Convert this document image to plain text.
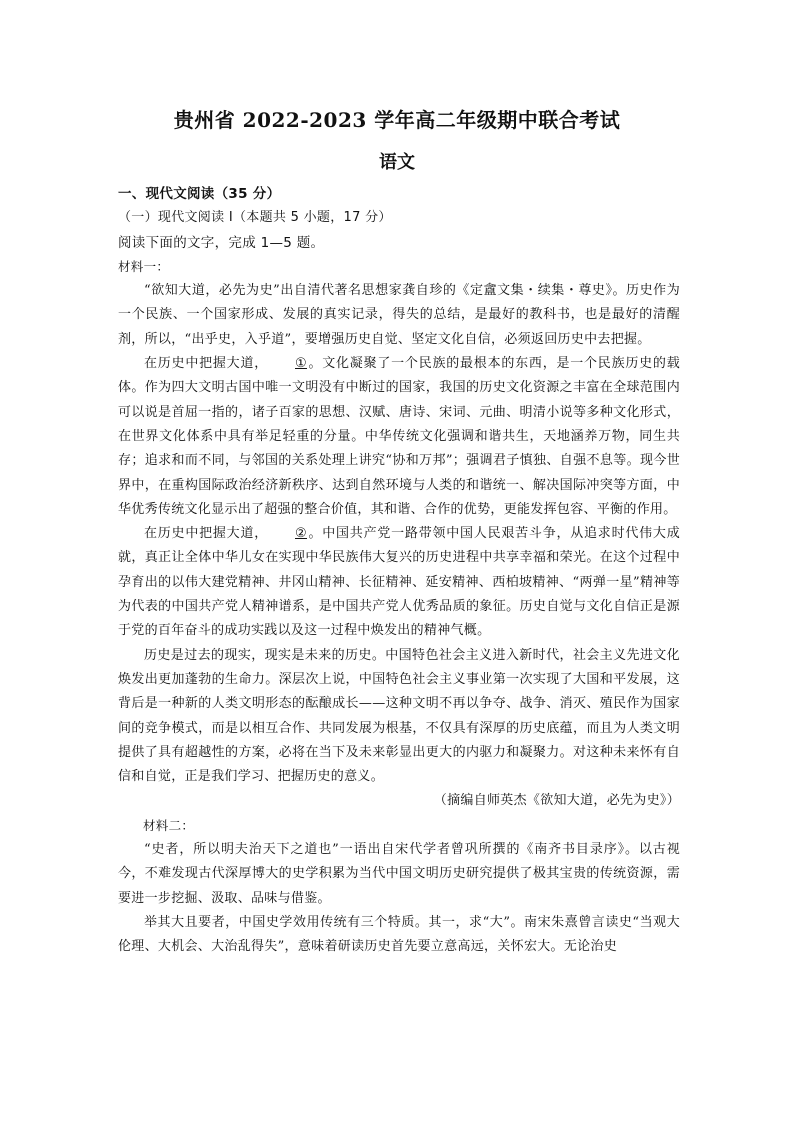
贵州省 2022-2023 学年高二年级期中联合考试
语文

一、现代文阅读（35 分）

（一）现代文阅读 I（本题共 5 小题，17 分）

阅读下面的文字，完成 1—5 题。

材料一：

“欲知大道，必先为史”出自清代著名思想家龚自珍的《定盦文集・续集・尊史》。历史作为一个民族、一个国家形成、发展的真实记录，得失的总结，是最好的教科书，也是最好的清醒剂，所以，“出乎史，入乎道”，要增强历史自觉、坚定文化自信，必须返回历史中去把握。

在历史中把握大道， ①。文化凝聚了一个民族的最根本的东西，是一个民族历史的载体。作为四大文明古国中唯一文明没有中断过的国家，我国的历史文化资源之丰富在全球范围内可以说是首屈一指的，诸子百家的思想、汉赋、唐诗、宋词、元曲、明清小说等多种文化形式，在世界文化体系中具有举足轻重的分量。中华传统文化强调和谐共生，天地涵养万物，同生共存；追求和而不同，与邻国的关系处理上讲究“协和万邦”；强调君子慎独、自强不息等。现今世界中，在重构国际政治经济新秩序、达到自然环境与人类的和谐统一、解决国际冲突等方面，中华优秀传统文化显示出了超强的整合价值，其和谐、合作的优势，更能发挥包容、平衡的作用。

在历史中把握大道， ②。中国共产党一路带领中国人民艰苦斗争，从追求时代伟大成就，真正让全体中华儿女在实现中华民族伟大复兴的历史进程中共享幸福和荣光。在这个过程中孕育出的以伟大建党精神、井冈山精神、长征精神、延安精神、西柏坡精神、“两弹一星”精神等为代表的中国共产党人精神谱系，是中国共产党人优秀品质的象征。历史自觉与文化自信正是源于党的百年奋斗的成功实践以及这一过程中焕发出的精神气概。

历史是过去的现实，现实是未来的历史。中国特色社会主义进入新时代，社会主义先进文化焕发出更加蓬勃的生命力。深层次上说，中国特色社会主义事业第一次实现了大国和平发展，这背后是一种新的人类文明形态的酝酿成长——这种文明不再以争夺、战争、消灭、殖民作为国家间的竞争模式，而是以相互合作、共同发展为根基，不仅具有深厚的历史底蕴，而且为人类文明提供了具有超越性的方案，必将在当下及未来彰显出更大的内驱力和凝聚力。对这种未来怀有自信和自觉，正是我们学习、把握历史的意义。

（摘编自师英杰《欲知大道，必先为史》）

材料二：

“史者，所以明夫治天下之道也”一语出自宋代学者曾巩所撰的《南齐书目录序》。以古视今，不难发现古代深厚博大的史学积累为当代中国文明历史研究提供了极其宝贵的传统资源，需要进一步挖掘、汲取、品味与借鉴。

举其大且要者，中国史学效用传统有三个特质。其一，求“大”。南宋朱熹曾言读史“当观大伦理、大机会、大治乱得失”，意味着研读历史首先要立意高远，关怀宏大。无论治史
